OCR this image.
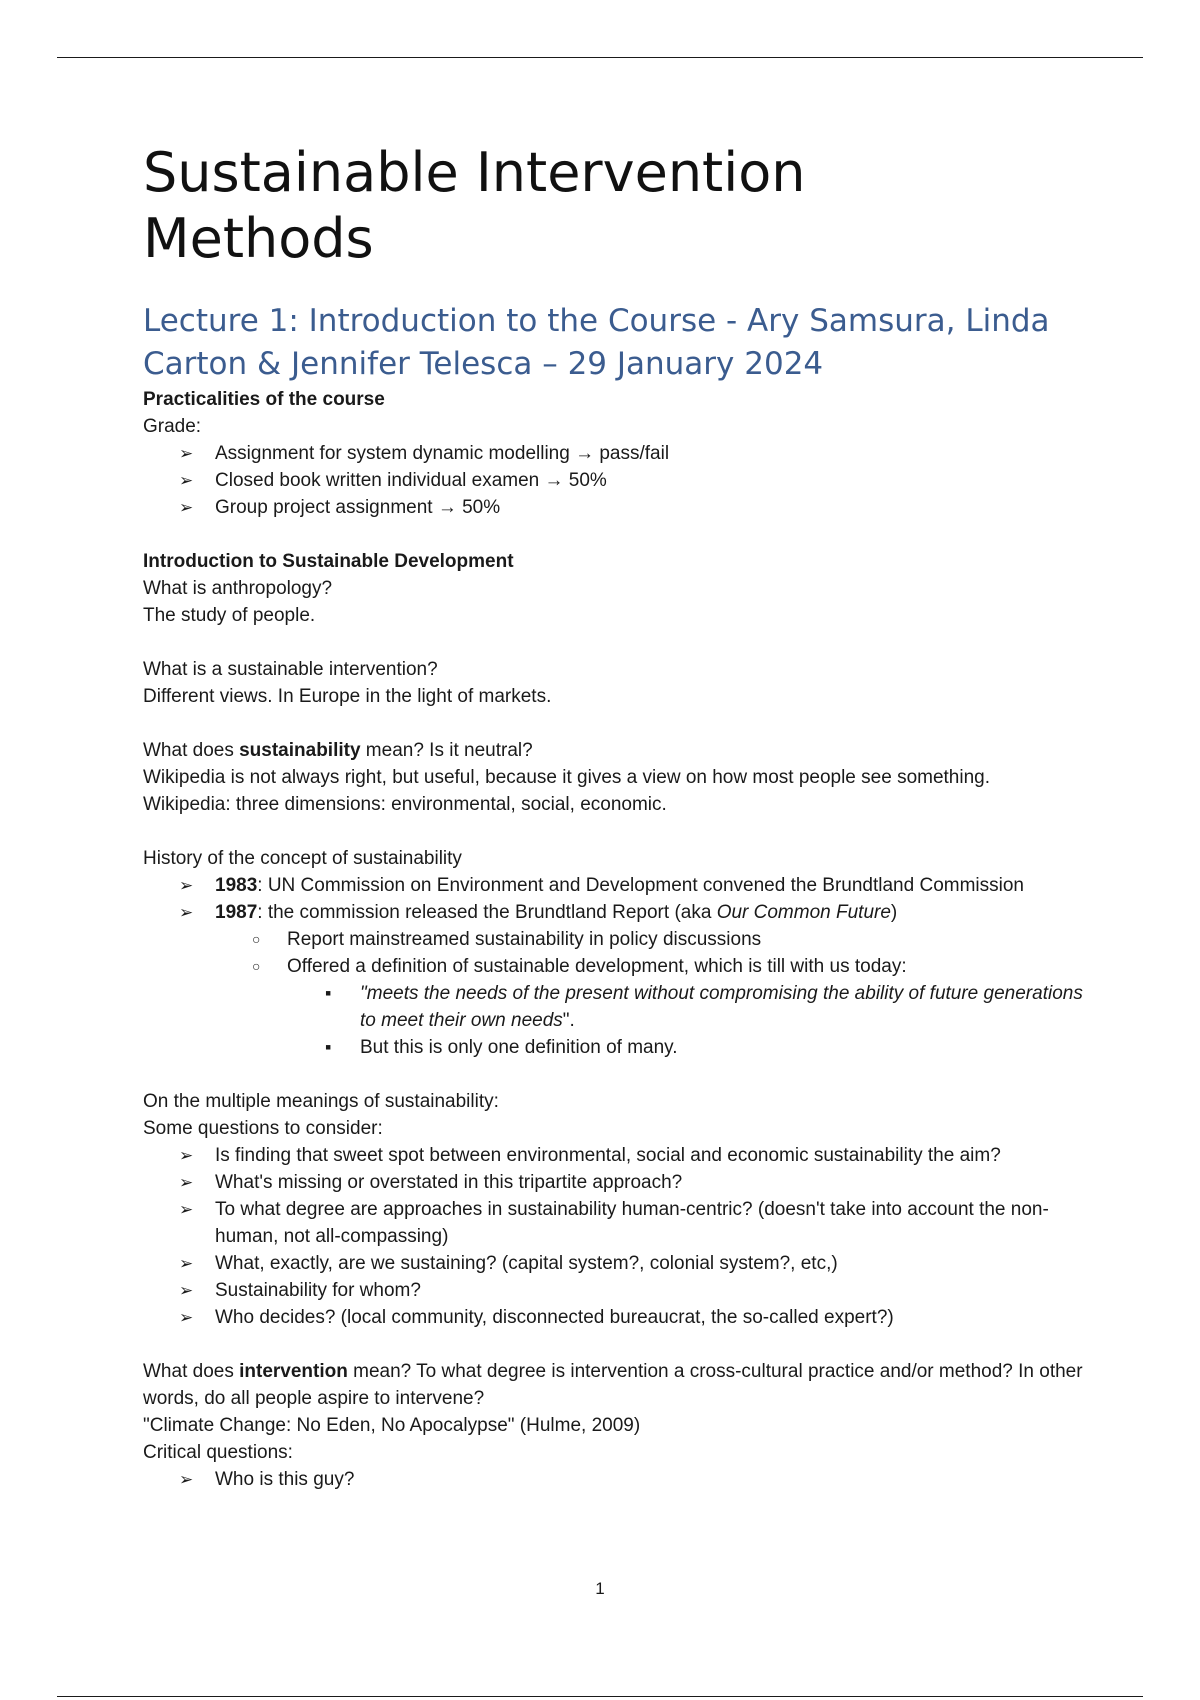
Sustainable Intervention
Methods
Lecture 1: Introduction to the Course - Ary Samsura, Linda Carton & Jennifer Telesca – 29 January 2024

Practicalities of the course

Grade:

➢ Assignment for system dynamic modelling → pass/fail
➢ Closed book written individual examen → 50%
➢ Group project assignment → 50%

Introduction to Sustainable Development

What is anthropology?

The study of people.

What is a sustainable intervention?

Different views. In Europe in the light of markets.

What does sustainability mean? Is it neutral?

Wikipedia is not always right, but useful, because it gives a view on how most people see something.

Wikipedia: three dimensions: environmental, social, economic.

History of the concept of sustainability

➢ 1983: UN Commission on Environment and Development convened the Brundtland Commission
➢ 1987: the commission released the Brundtland Report (aka Our Common Future)
○ Report mainstreamed sustainability in policy discussions
○ Offered a definition of sustainable development, which is till with us today:
▪ "meets the needs of the present without compromising the ability of future generations to meet their own needs".
▪ But this is only one definition of many.

On the multiple meanings of sustainability:

Some questions to consider:

➢ Is finding that sweet spot between environmental, social and economic sustainability the aim?
➢ What's missing or overstated in this tripartite approach?
➢ To what degree are approaches in sustainability human-centric? (doesn't take into account the non-human, not all-compassing)
➢ What, exactly, are we sustaining? (capital system?, colonial system?, etc,)
➢ Sustainability for whom?
➢ Who decides? (local community, disconnected bureaucrat, the so-called expert?)

What does intervention mean? To what degree is intervention a cross-cultural practice and/or method? In other words, do all people aspire to intervene?

"Climate Change: No Eden, No Apocalypse" (Hulme, 2009)

Critical questions:

➢ Who is this guy?
1
